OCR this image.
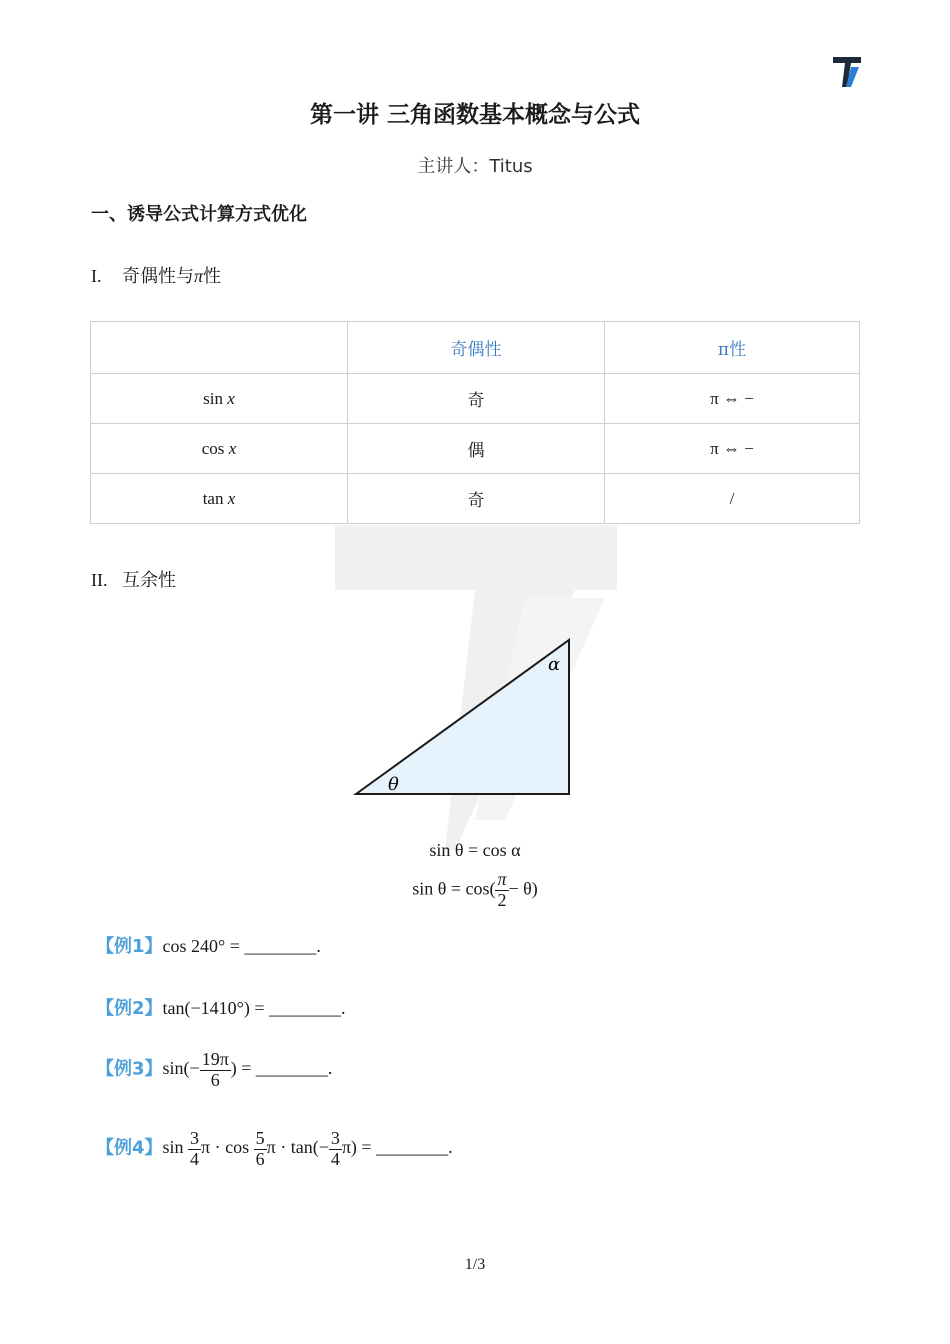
第一讲 三角函数基本概念与公式
主讲人：Titus
一、诱导公式计算方式优化
I. 奇偶性与π性
	奇偶性	π性
sin x	奇	π ⇔ −
cos x	偶	π ⇔ −
tan x	奇	/
II. 互余性
α
θ
sin θ = cos α
$\sin \theta = \cos( \frac{\pi}{2} - \theta)$
【例1】cos 240° = ________.
【例2】tan(−1410°) = ________.
【例3】$\sin(- \frac{19\pi}{6}$ ) = ________.
【例4】$\sin \frac{3}{4}$ $\pi \cdot \cos \frac{5}{6}$ $\pi \cdot \tan(- \frac{3}{4} \pi)$ = ________.
1/3
